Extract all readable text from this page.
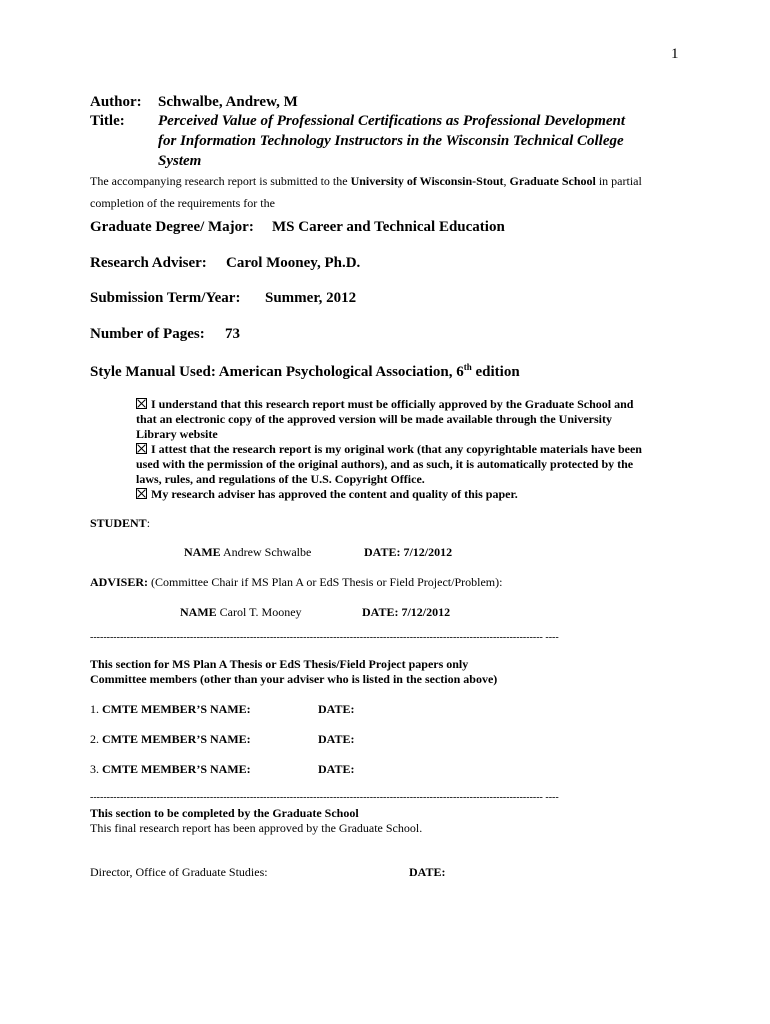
1
Author: Schwalbe, Andrew, M
Title: Perceived Value of Professional Certifications as Professional Development
for Information Technology Instructors in the Wisconsin Technical College
System
The accompanying research report is submitted to the University of Wisconsin-Stout, Graduate School in partial
completion of the requirements for the
Graduate Degree/ Major: MS Career and Technical Education
Research Adviser: Carol Mooney, Ph.D.
Submission Term/Year: Summer, 2012
Number of Pages: 73
Style Manual Used: American Psychological Association, 6th edition
I understand that this research report must be officially approved by the Graduate School and
that an electronic copy of the approved version will be made available through the University
Library website
I attest that the research report is my original work (that any copyrightable materials have been
used with the permission of the original authors), and as such, it is automatically protected by the
laws, rules, and regulations of the U.S. Copyright Office.
My research adviser has approved the content and quality of this paper.
STUDENT:
NAME Andrew Schwalbe	DATE: 7/12/2012
ADVISER: (Committee Chair if MS Plan A or EdS Thesis or Field Project/Problem):
NAME Carol T. Mooney	DATE: 7/12/2012
---------------------------------------------------------------------------------------------------------------------------------------- ----
This section for MS Plan A Thesis or EdS Thesis/Field Project papers only
Committee members (other than your adviser who is listed in the section above)
1. CMTE MEMBER’S NAME:	DATE:
2. CMTE MEMBER’S NAME:	DATE:
3. CMTE MEMBER’S NAME:	DATE:
---------------------------------------------------------------------------------------------------------------------------------------- ----
This section to be completed by the Graduate School
This final research report has been approved by the Graduate School.
Director, Office of Graduate Studies:	DATE:
